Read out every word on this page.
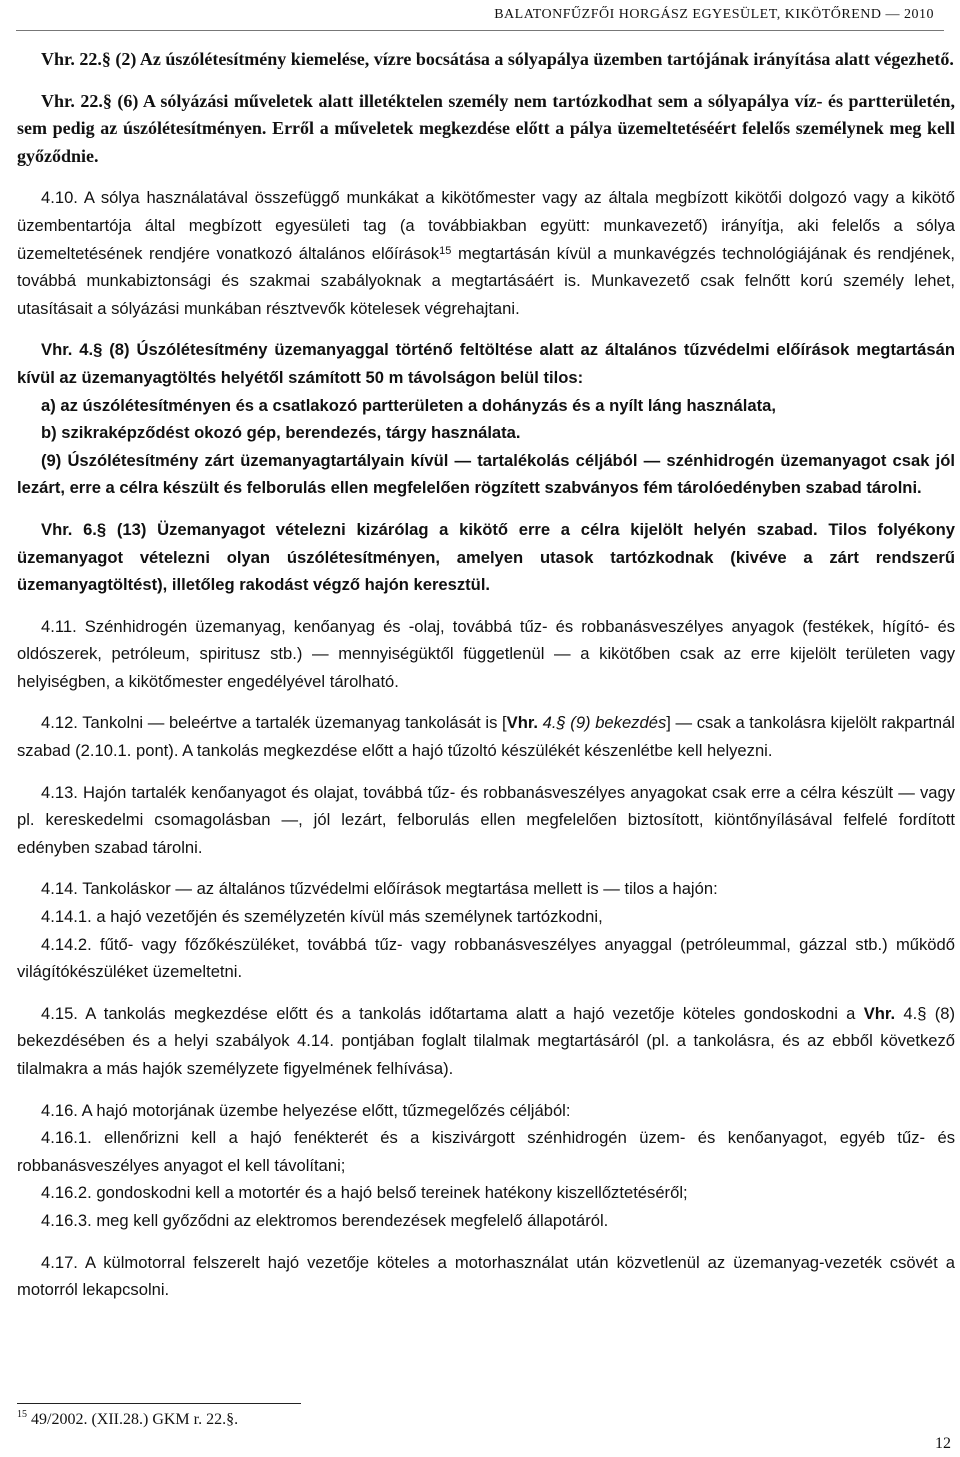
BALATONFŰZFŐI HORGÁSZ EGYESÜLET, KIKÖTŐREND — 2010

Vhr. 22.§ (2) Az úszólétesítmény kiemelése, vízre bocsátása a sólyapálya üzemben tartójának irányítása alatt végezhető.

Vhr. 22.§ (6) A sólyázási műveletek alatt illetéktelen személy nem tartózkodhat sem a sólyapálya víz- és partterületén, sem pedig az úszólétesítményen. Erről a műveletek megkezdése előtt a pálya üzemeltetéséért felelős személynek meg kell győződnie.

4.10. A sólya használatával összefüggő munkákat a kikötőmester vagy az általa megbízott kikötői dolgozó vagy a kikötő üzembentartója által megbízott egyesületi tag (a továbbiakban együtt: munkavezető) irányítja, aki felelős a sólya üzemeltetésének rendjére vonatkozó általános előírások$^{15}$ megtartásán kívül a munkavégzés technológiájának és rendjének, továbbá munkabiztonsági és szakmai szabályoknak a megtartásáért is. Munkavezető csak felnőtt korú személy lehet, utasításait a sólyázási munkában résztvevők kötelesek végrehajtani.

Vhr. 4.§ (8) Úszólétesítmény üzemanyaggal történő feltöltése alatt az általános tűzvédelmi előírások megtartásán kívül az üzemanyagtöltés helyétől számított 50 m távolságon belül tilos:

a) az úszólétesítményen és a csatlakozó partterületen a dohányzás és a nyílt láng használata,

b) szikraképződést okozó gép, berendezés, tárgy használata.

(9) Úszólétesítmény zárt üzemanyagtartályain kívül — tartalékolás céljából — szénhidrogén üzemanyagot csak jól lezárt, erre a célra készült és felborulás ellen megfelelően rögzített szabványos fém tárolóedényben szabad tárolni.

Vhr. 6.§ (13) Üzemanyagot vételezni kizárólag a kikötő erre a célra kijelölt helyén szabad. Tilos folyékony üzemanyagot vételezni olyan úszólétesítményen, amelyen utasok tartózkodnak (kivéve a zárt rendszerű üzemanyagtöltést), illetőleg rakodást végző hajón keresztül.

4.11. Szénhidrogén üzemanyag, kenőanyag és -olaj, továbbá tűz- és robbanásveszélyes anyagok (festékek, hígító- és oldószerek, petróleum, spiritusz stb.) — mennyiségüktől függetlenül — a kikötőben csak az erre kijelölt területen vagy helyiségben, a kikötőmester engedélyével tárolható.

4.12. Tankolni — beleértve a tartalék üzemanyag tankolását is [Vhr. 4.§ (9) bekezdés] — csak a tankolásra kijelölt rakpartnál szabad (2.10.1. pont). A tankolás megkezdése előtt a hajó tűzoltó készülékét készenlétbe kell helyezni.

4.13. Hajón tartalék kenőanyagot és olajat, továbbá tűz- és robbanásveszélyes anyagokat csak erre a célra készült — vagy pl. kereskedelmi csomagolásban —, jól lezárt, felborulás ellen megfelelően biztosított, kiöntőnyílásával felfelé fordított edényben szabad tárolni.

4.14. Tankoláskor — az általános tűzvédelmi előírások megtartása mellett is — tilos a hajón:

4.14.1. a hajó vezetőjén és személyzetén kívül más személynek tartózkodni,

4.14.2. fűtő- vagy főzőkészüléket, továbbá tűz- vagy robbanásveszélyes anyaggal (petróleummal, gázzal stb.) működő világítókészüléket üzemeltetni.

4.15. A tankolás megkezdése előtt és a tankolás időtartama alatt a hajó vezetője köteles gondoskodni a Vhr. 4.§ (8) bekezdésében és a helyi szabályok 4.14. pontjában foglalt tilalmak megtartásáról (pl. a tankolásra, és az ebből következő tilalmakra a más hajók személyzete figyelmének felhívása).

4.16. A hajó motorjának üzembe helyezése előtt, tűzmegelőzés céljából:

4.16.1. ellenőrizni kell a hajó fenékterét és a kiszivárgott szénhidrogén üzem- és kenőanyagot, egyéb tűz- és robbanásveszélyes anyagot el kell távolítani;

4.16.2. gondoskodni kell a motortér és a hajó belső tereinek hatékony kiszellőztetéséről;

4.16.3. meg kell győződni az elektromos berendezések megfelelő állapotáról.

4.17. A külmotorral felszerelt hajó vezetője köteles a motorhasználat után közvetlenül az üzemanyag-vezeték csövét a motorról lekapcsolni.

$^{15}$ 49/2002. (XII.28.) GKM r. 22.§.
12
